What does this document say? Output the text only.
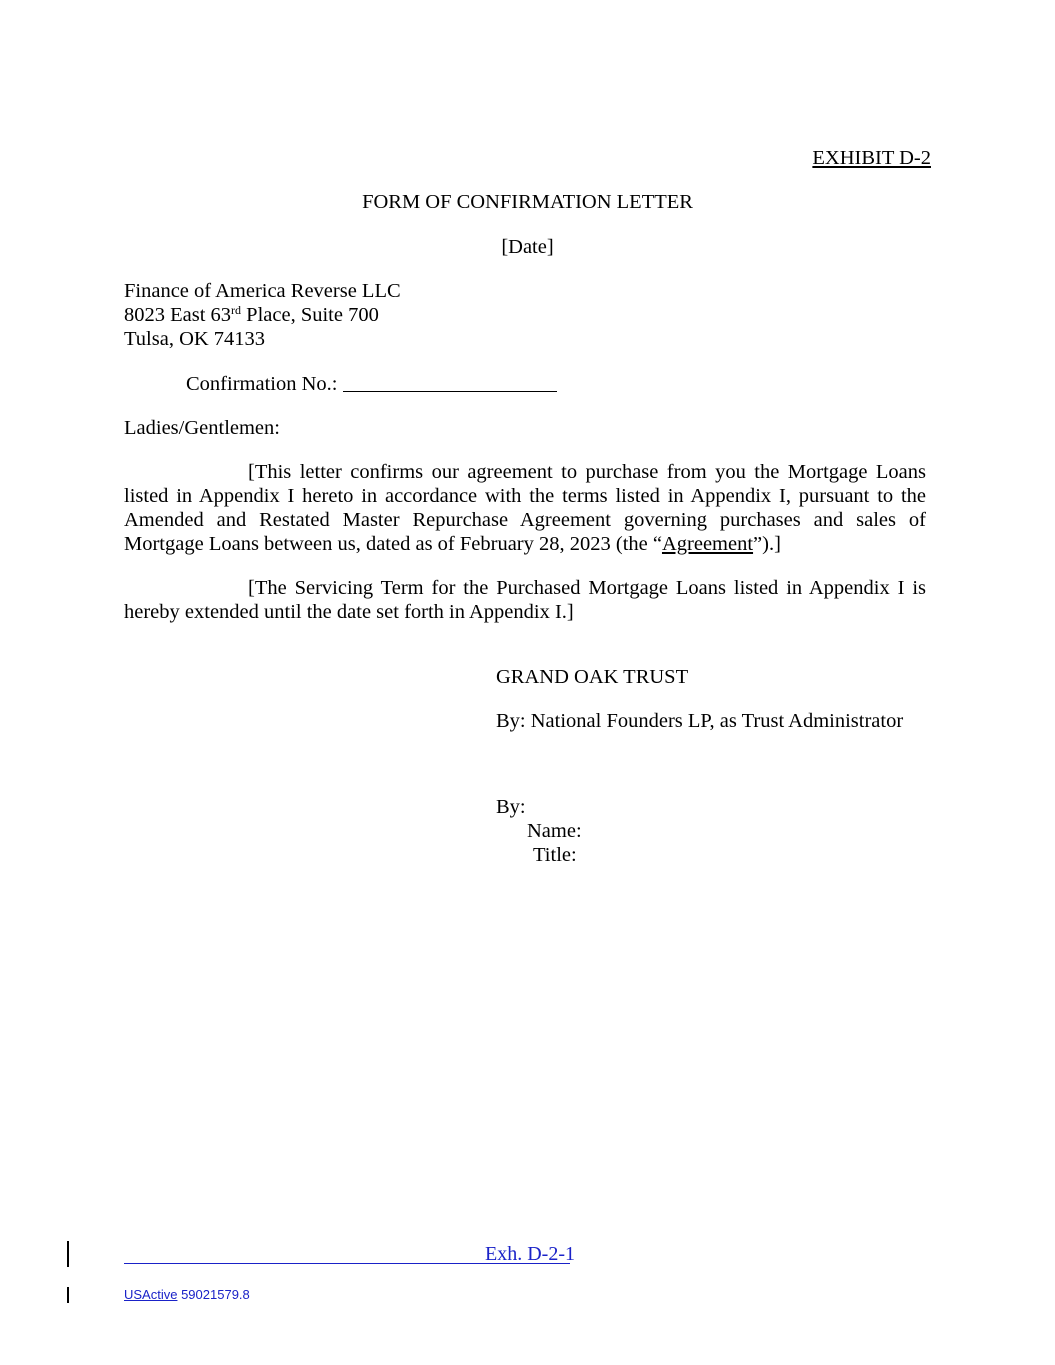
EXHIBIT D-2
FORM OF CONFIRMATION LETTER
[Date]
Finance of America Reverse LLC
8023 East 63rd Place, Suite 700
Tulsa, OK 74133
Confirmation No.:
Ladies/Gentlemen:
[This letter confirms our agreement to purchase from you the Mortgage Loans listed in Appendix I hereto in accordance with the terms listed in Appendix I, pursuant to the Amended and Restated Master Repurchase Agreement governing purchases and sales of Mortgage Loans between us, dated as of February 28, 2023 (the “Agreement”).]
[The Servicing Term for the Purchased Mortgage Loans listed in Appendix I is hereby extended until the date set forth in Appendix I.]
GRAND OAK TRUST
By: National Founders LP, as Trust Administrator
By:
Name:
Title:
Exh. D-2-1
USActive 59021579.8
